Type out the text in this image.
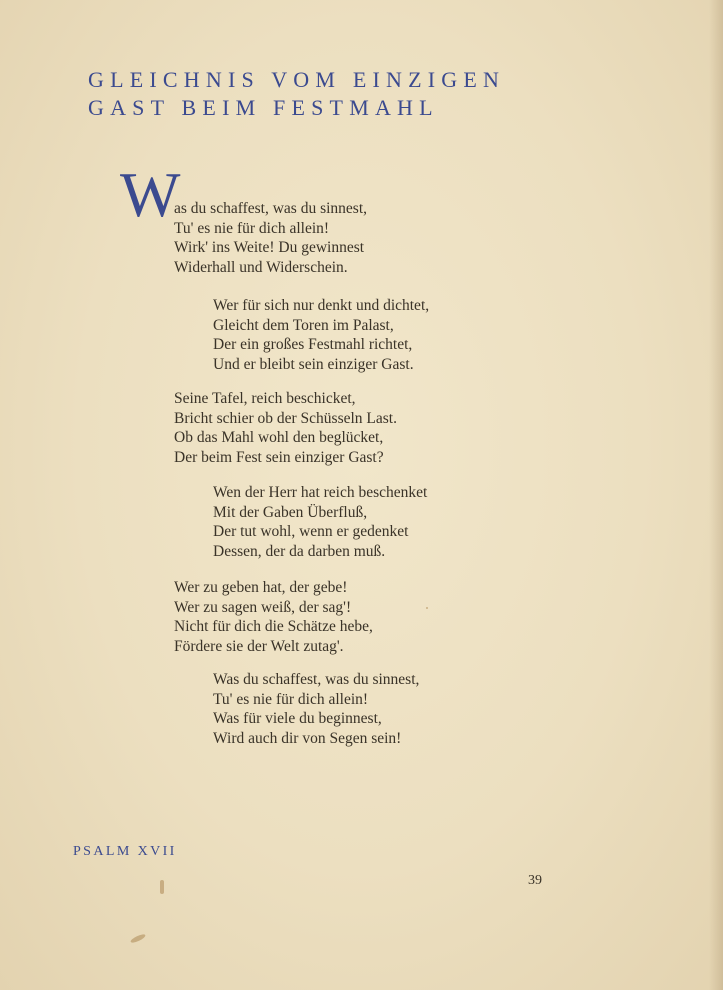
GLEICHNIS VOM EINZIGEN
GAST BEIM FESTMAHL
W

as du schaffest, was du sinnest,
Tu' es nie für dich allein!
Wirk' ins Weite! Du gewinnest
Widerhall und Widerschein.

Wer für sich nur denkt und dichtet,
Gleicht dem Toren im Palast,
Der ein großes Festmahl richtet,
Und er bleibt sein einziger Gast.

Seine Tafel, reich beschicket,
Bricht schier ob der Schüsseln Last.
Ob das Mahl wohl den beglücket,
Der beim Fest sein einziger Gast?

Wen der Herr hat reich beschenket
Mit der Gaben Überfluß,
Der tut wohl, wenn er gedenket
Dessen, der da darben muß.

Wer zu geben hat, der gebe!
Wer zu sagen weiß, der sag'!
Nicht für dich die Schätze hebe,
Fördere sie der Welt zutag'.

Was du schaffest, was du sinnest,
Tu' es nie für dich allein!
Was für viele du beginnest,
Wird auch dir von Segen sein!

PSALM XVII
39
